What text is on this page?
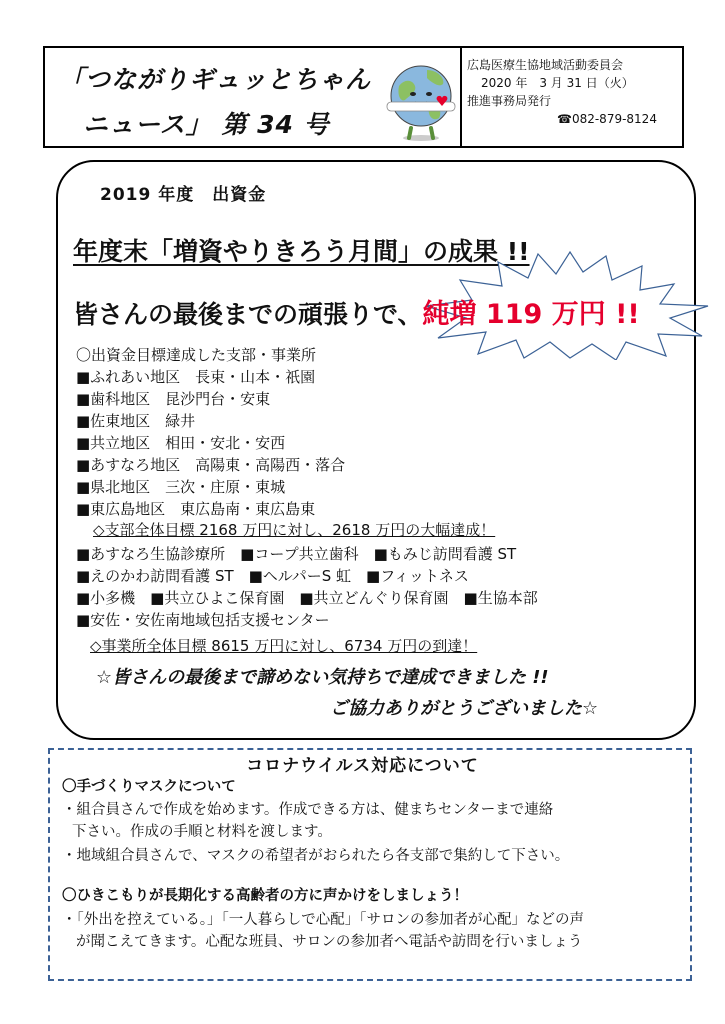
「つながりギュッとちゃん
ニュース」 第 34 号
広島医療生協地域活動委員会
2020 年　3 月 31 日（火）
推進事務局発行
☎082-879-8124
2019 年度　出資金
年度末「増資やりきろう月間」の成果 !!
皆さんの最後までの頑張りで、純増 119 万円 !!
〇出資金目標達成した支部・事業所
■ふれあい地区　長束・山本・祇園
■歯科地区　昆沙門台・安東
■佐東地区　緑井
■共立地区　相田・安北・安西
■あすなろ地区　高陽東・高陽西・落合
■県北地区　三次・庄原・東城
■東広島地区　東広島南・東広島東
◇支部全体目標 2168 万円に対し、2618 万円の大幅達成！
■あすなろ生協診療所　■コープ共立歯科　■もみじ訪問看護 ST
■えのかわ訪問看護 ST　■ヘルパーS 虹　■フィットネス
■小多機　■共立ひよこ保育園　■共立どんぐり保育園　■生協本部
■安佐・安佐南地域包括支援センター
◇事業所全体目標 8615 万円に対し、6734 万円の到達！
☆皆さんの最後まで諦めない気持ちで達成できました !!
ご協力ありがとうございました☆
コロナウイルス対応について
〇手づくりマスクについて
・組合員さんで作成を始めます。作成できる方は、健まちセンターまで連絡
下さい。作成の手順と材料を渡します。
・地域組合員さんで、マスクの希望者がおられたら各支部で集約して下さい。
〇ひきこもりが長期化する高齢者の方に声かけをしましょう！
・「外出を控えている。」「一人暮らしで心配」「サロンの参加者が心配」などの声
が聞こえてきます。心配な班員、サロンの参加者へ電話や訪問を行いましょう
